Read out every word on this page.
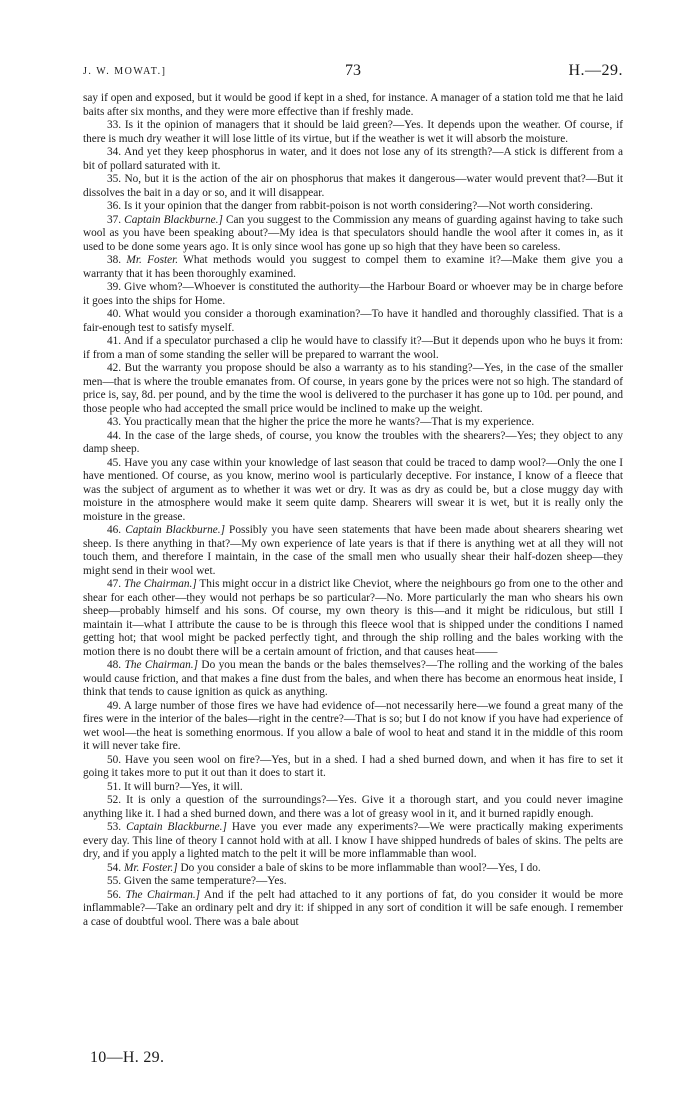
J. W. MOWAT.]	73	H.—29.

say if open and exposed, but it would be good if kept in a shed, for instance. A manager of a station told me that he laid baits after six months, and they were more effective than if freshly made.

33. Is it the opinion of managers that it should be laid green?—Yes. It depends upon the weather. Of course, if there is much dry weather it will lose little of its virtue, but if the weather is wet it will absorb the moisture.

34. And yet they keep phosphorus in water, and it does not lose any of its strength?—A stick is different from a bit of pollard saturated with it.

35. No, but it is the action of the air on phosphorus that makes it dangerous—water would prevent that?—But it dissolves the bait in a day or so, and it will disappear.

36. Is it your opinion that the danger from rabbit-poison is not worth considering?—Not worth considering.

37. Captain Blackburne.] Can you suggest to the Commission any means of guarding against having to take such wool as you have been speaking about?—My idea is that speculators should handle the wool after it comes in, as it used to be done some years ago. It is only since wool has gone up so high that they have been so careless.

38. Mr. Foster. What methods would you suggest to compel them to examine it?—Make them give you a warranty that it has been thoroughly examined.

39. Give whom?—Whoever is constituted the authority—the Harbour Board or whoever may be in charge before it goes into the ships for Home.

40. What would you consider a thorough examination?—To have it handled and thoroughly classified. That is a fair-enough test to satisfy myself.

41. And if a speculator purchased a clip he would have to classify it?—But it depends upon who he buys it from: if from a man of some standing the seller will be prepared to warrant the wool.

42. But the warranty you propose should be also a warranty as to his standing?—Yes, in the case of the smaller men—that is where the trouble emanates from. Of course, in years gone by the prices were not so high. The standard of price is, say, 8d. per pound, and by the time the wool is delivered to the purchaser it has gone up to 10d. per pound, and those people who had accepted the small price would be inclined to make up the weight.

43. You practically mean that the higher the price the more he wants?—That is my experience.

44. In the case of the large sheds, of course, you know the troubles with the shearers?—Yes; they object to any damp sheep.

45. Have you any case within your knowledge of last season that could be traced to damp wool?—Only the one I have mentioned. Of course, as you know, merino wool is particularly deceptive. For instance, I know of a fleece that was the subject of argument as to whether it was wet or dry. It was as dry as could be, but a close muggy day with moisture in the atmosphere would make it seem quite damp. Shearers will swear it is wet, but it is really only the moisture in the grease.

46. Captain Blackburne.] Possibly you have seen statements that have been made about shearers shearing wet sheep. Is there anything in that?—My own experience of late years is that if there is anything wet at all they will not touch them, and therefore I maintain, in the case of the small men who usually shear their half-dozen sheep—they might send in their wool wet.

47. The Chairman.] This might occur in a district like Cheviot, where the neighbours go from one to the other and shear for each other—they would not perhaps be so particular?—No. More particularly the man who shears his own sheep—probably himself and his sons. Of course, my own theory is this—and it might be ridiculous, but still I maintain it—what I attribute the cause to be is through this fleece wool that is shipped under the conditions I named getting hot; that wool might be packed perfectly tight, and through the ship rolling and the bales working with the motion there is no doubt there will be a certain amount of friction, and that causes heat——

48. The Chairman.] Do you mean the bands or the bales themselves?—The rolling and the working of the bales would cause friction, and that makes a fine dust from the bales, and when there has become an enormous heat inside, I think that tends to cause ignition as quick as anything.

49. A large number of those fires we have had evidence of—not necessarily here—we found a great many of the fires were in the interior of the bales—right in the centre?—That is so; but I do not know if you have had experience of wet wool—the heat is something enormous. If you allow a bale of wool to heat and stand it in the middle of this room it will never take fire.

50. Have you seen wool on fire?—Yes, but in a shed. I had a shed burned down, and when it has fire to set it going it takes more to put it out than it does to start it.

51. It will burn?—Yes, it will.

52. It is only a question of the surroundings?—Yes. Give it a thorough start, and you could never imagine anything like it. I had a shed burned down, and there was a lot of greasy wool in it, and it burned rapidly enough.

53. Captain Blackburne.] Have you ever made any experiments?—We were practically making experiments every day. This line of theory I cannot hold with at all. I know I have shipped hundreds of bales of skins. The pelts are dry, and if you apply a lighted match to the pelt it will be more inflammable than wool.

54. Mr. Foster.] Do you consider a bale of skins to be more inflammable than wool?—Yes, I do.

55. Given the same temperature?—Yes.

56. The Chairman.] And if the pelt had attached to it any portions of fat, do you consider it would be more inflammable?—Take an ordinary pelt and dry it: if shipped in any sort of condition it will be safe enough. I remember a case of doubtful wool. There was a bale about

10—H. 29.
